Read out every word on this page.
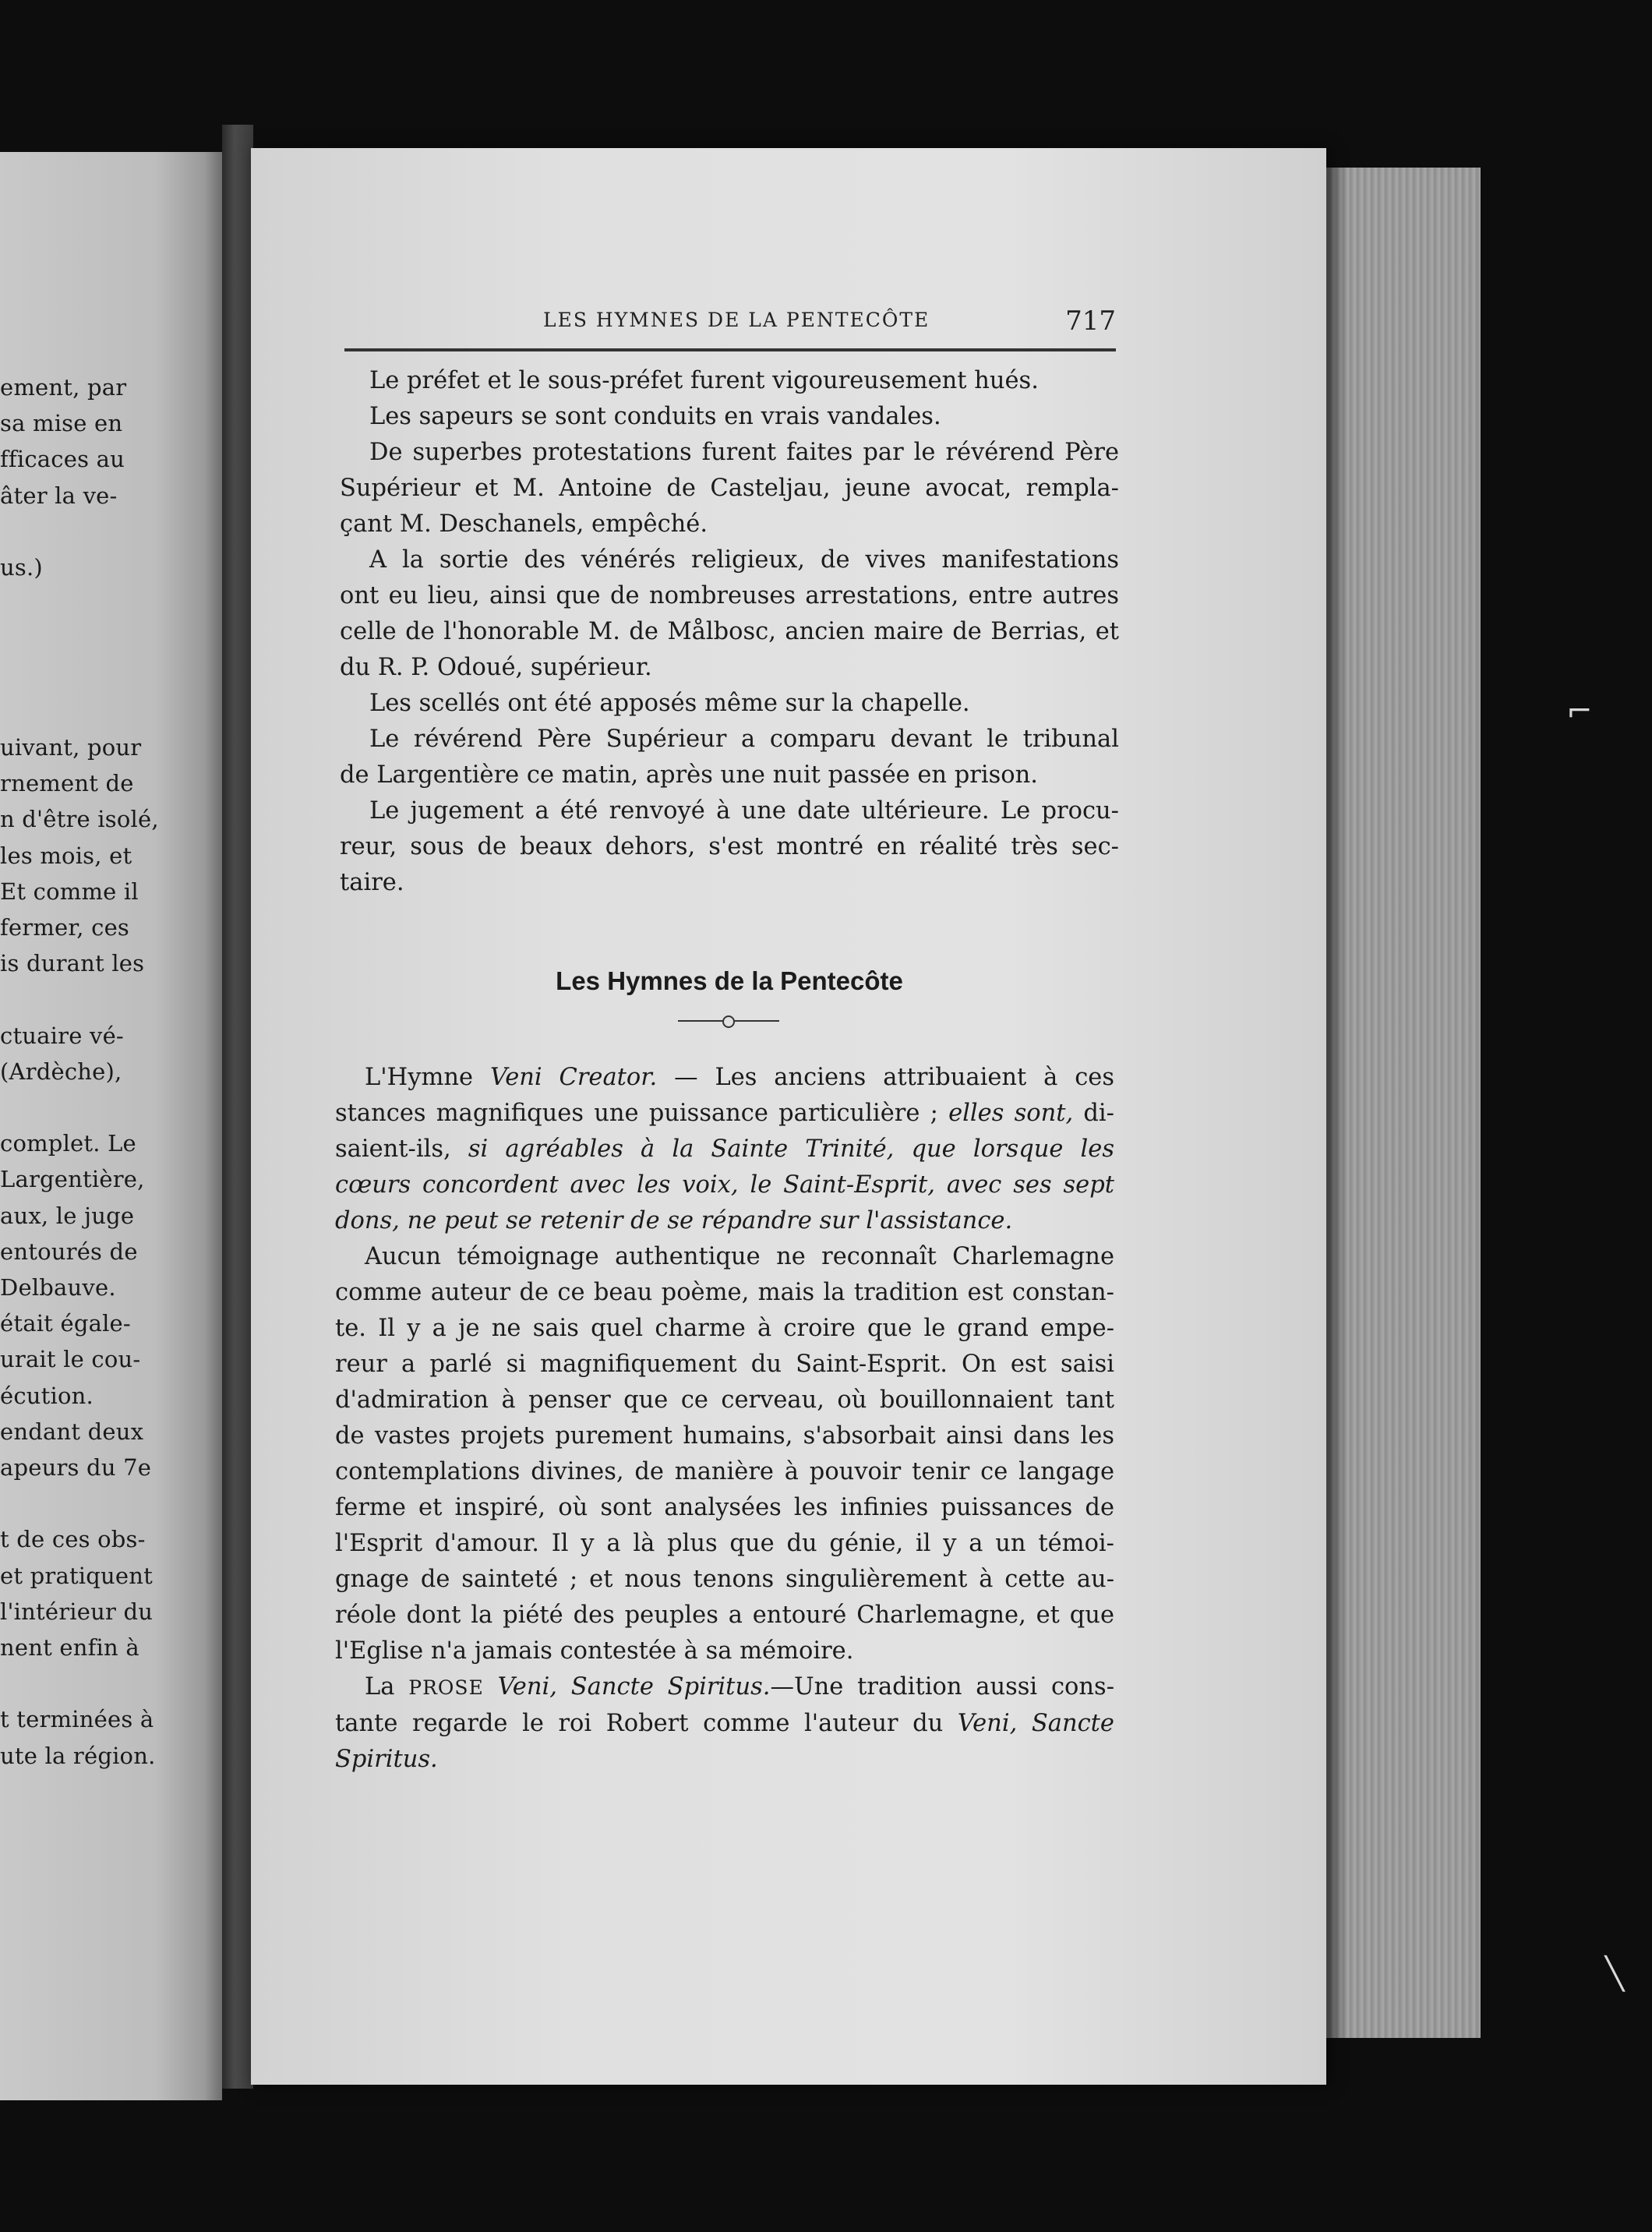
ement, par
sa mise en
fficaces au
âter la ve-
us.)
uivant, pour
rnement de
n d'être isolé,
les mois, et
Et comme il
fermer, ces
is durant les
ctuaire vé-
(Ardèche),
complet. Le
Largentière,
aux, le juge
entourés de
Delbauve.
était égale-
urait le cou-
écution.
endant deux
apeurs du 7e
t de ces obs-
et pratiquent
l'intérieur du
nent enfin à
t terminées à
ute la région.
LES HYMNES DE LA PENTECÔTE	717

Le préfet et le sous-préfet furent vigoureusement hués.

Les sapeurs se sont conduits en vrais vandales.

De superbes protestations furent faites par le révérend Père

Supérieur et M. Antoine de Casteljau, jeune avocat, rempla-

çant M. Deschanels, empêché.

A la sortie des vénérés religieux, de vives manifestations

ont eu lieu, ainsi que de nombreuses arrestations, entre autres

celle de l'honorable M. de Målbosc, ancien maire de Berrias, et

du R. P. Odoué, supérieur.

Les scellés ont été apposés même sur la chapelle.

Le révérend Père Supérieur a comparu devant le tribunal

de Largentière ce matin, après une nuit passée en prison.

Le jugement a été renvoyé à une date ultérieure. Le procu-

reur, sous de beaux dehors, s'est montré en réalité très sec-

taire.

Les Hymnes de la Pentecôte

L'Hymne Veni Creator. — Les anciens attribuaient à ces

stances magnifiques une puissance particulière ; elles sont, di-

saient-ils, si agréables à la Sainte Trinité, que lorsque les

cœurs concordent avec les voix, le Saint-Esprit, avec ses sept

dons, ne peut se retenir de se répandre sur l'assistance.

Aucun témoignage authentique ne reconnaît Charlemagne

comme auteur de ce beau poème, mais la tradition est constan-

te. Il y a je ne sais quel charme à croire que le grand empe-

reur a parlé si magnifiquement du Saint-Esprit. On est saisi

d'admiration à penser que ce cerveau, où bouillonnaient tant

de vastes projets purement humains, s'absorbait ainsi dans les

contemplations divines, de manière à pouvoir tenir ce langage

ferme et inspiré, où sont analysées les infinies puissances de

l'Esprit d'amour. Il y a là plus que du génie, il y a un témoi-

gnage de sainteté ; et nous tenons singulièrement à cette au-

réole dont la piété des peuples a entouré Charlemagne, et que

l'Eglise n'a jamais contestée à sa mémoire.

La PROSE Veni, Sancte Spiritus.—Une tradition aussi cons-

tante regarde le roi Robert comme l'auteur du Veni, Sancte

Spiritus.

⌐
╲
